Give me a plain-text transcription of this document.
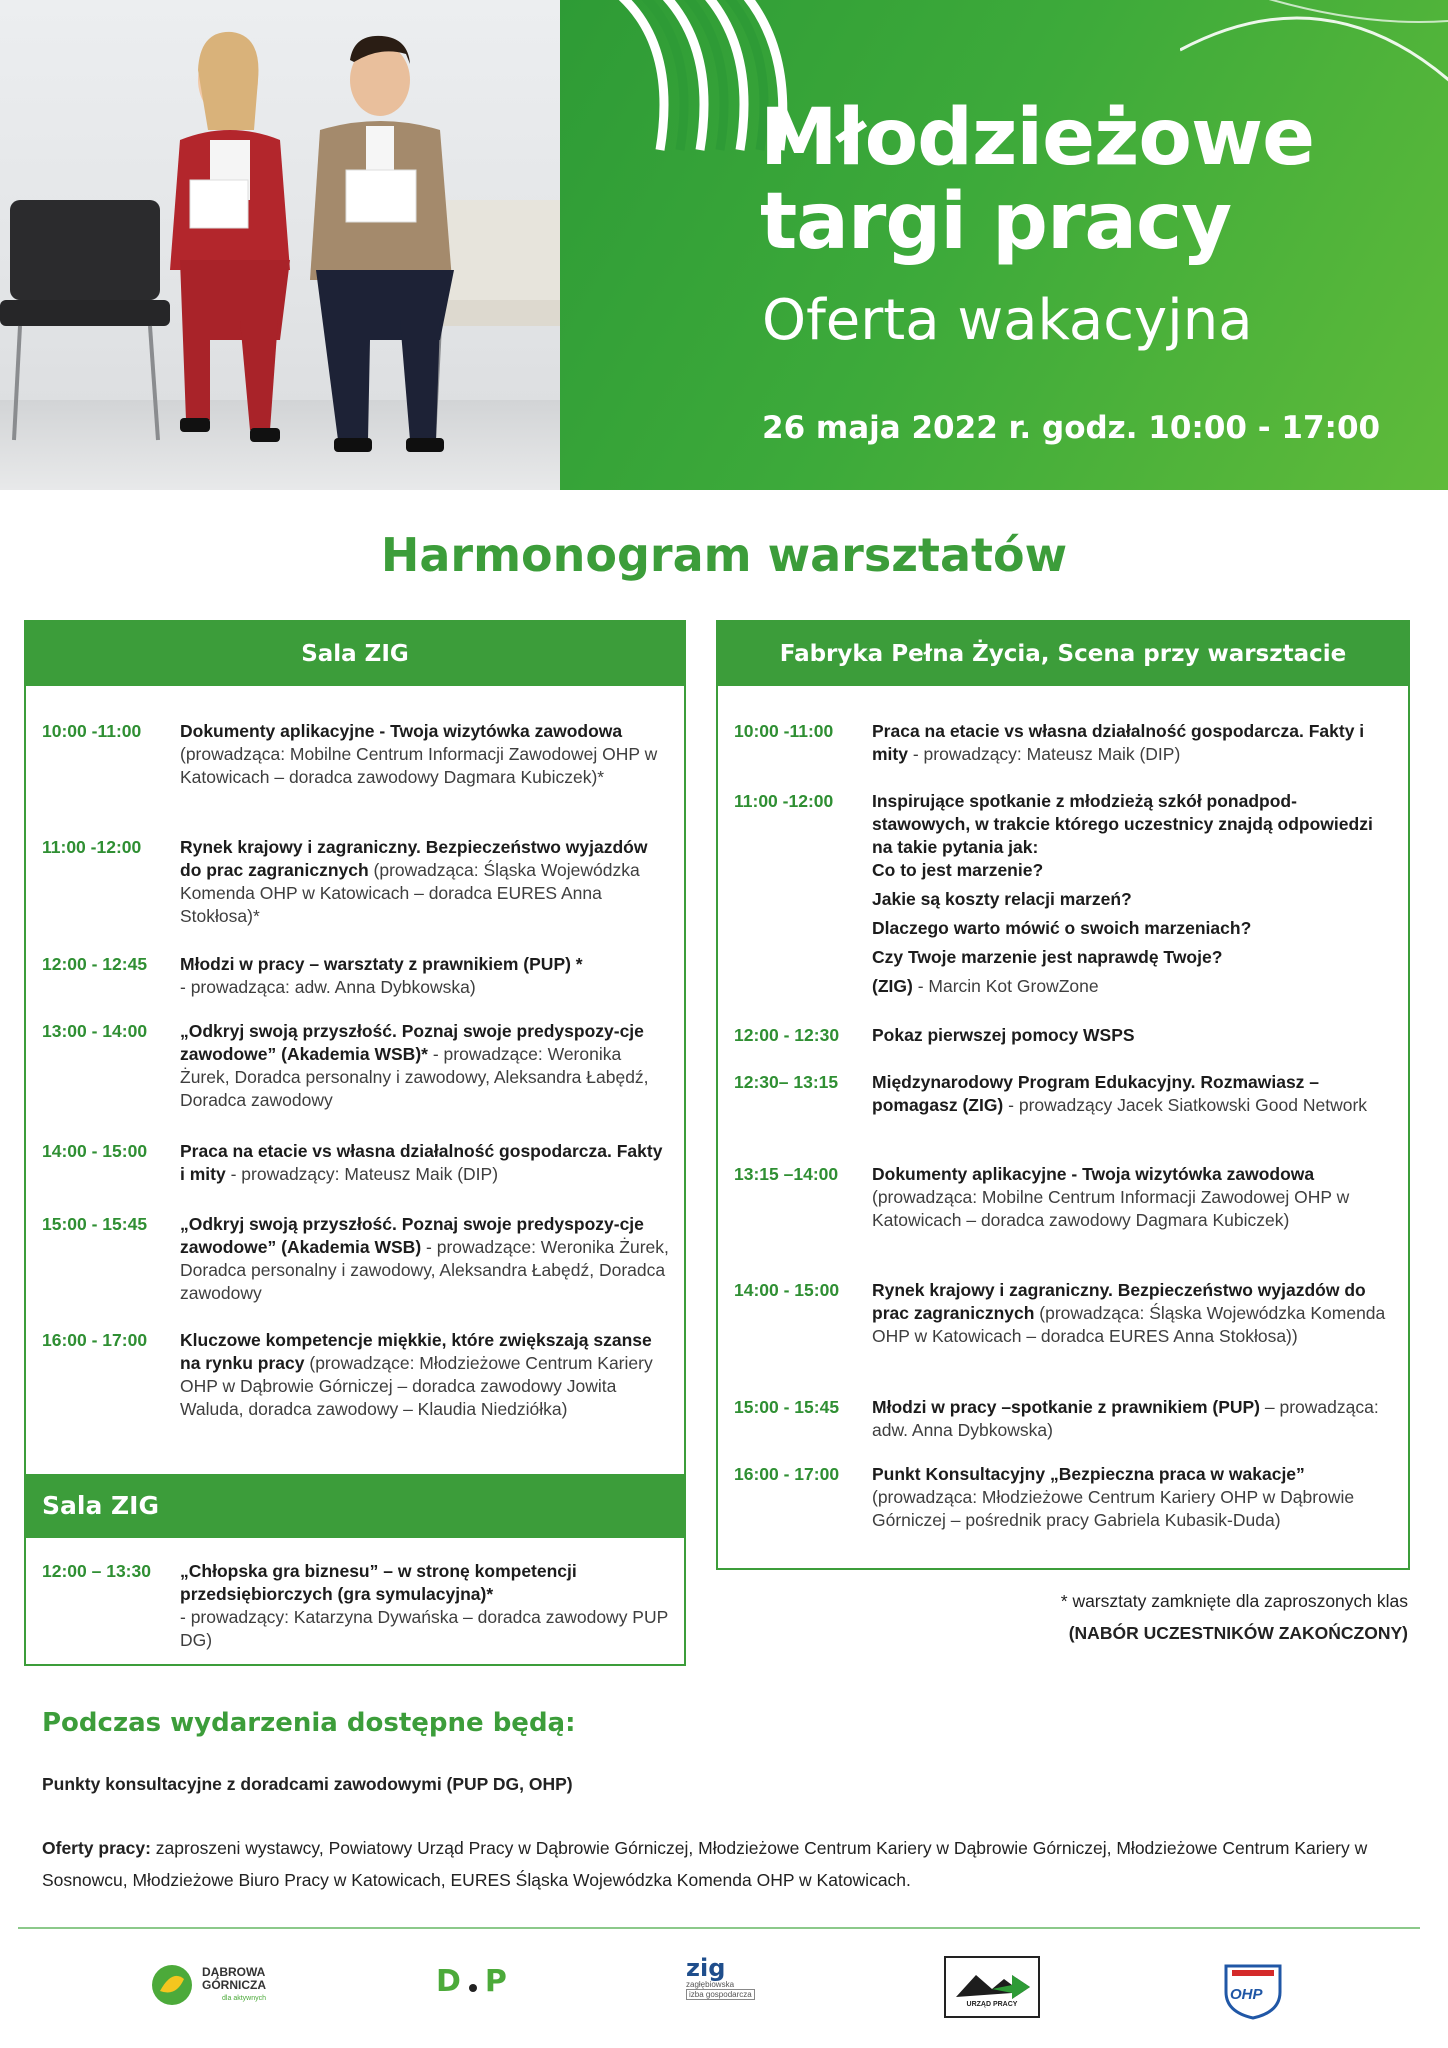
Młodzieżowe
targi pracy
Oferta wakacyjna
26 maja 2022 r. godz. 10:00 - 17:00
Harmonogram warsztatów
Sala ZIG
10:00 -11:00	Dokumenty aplikacyjne - Twoja wizytówka zawodowa (prowadząca: Mobilne Centrum Informacji Zawodowej OHP w Katowicach – doradca zawodowy Dagmara Kubiczek)*
11:00 -12:00	Rynek krajowy i zagraniczny. Bezpieczeństwo wyjazdów do prac zagranicznych (prowadząca: Śląska Wojewódzka Komenda OHP w Katowicach – doradca EURES Anna Stokłosa)*
12:00 - 12:45	Młodzi w pracy – warsztaty z prawnikiem (PUP) *
- prowadząca: adw. Anna Dybkowska)
13:00 - 14:00	„Odkryj swoją przyszłość. Poznaj swoje predyspozy-cje zawodowe” (Akademia WSB)* - prowadzące: Weronika Żurek, Doradca personalny i zawodowy, Aleksandra Łabędź, Doradca zawodowy
14:00 - 15:00	Praca na etacie vs własna działalność gospodarcza. Fakty i mity - prowadzący: Mateusz Maik (DIP)
15:00 - 15:45	„Odkryj swoją przyszłość. Poznaj swoje predyspozy-cje zawodowe” (Akademia WSB) - prowadzące: Weronika Żurek, Doradca personalny i zawodowy, Aleksandra Łabędź, Doradca zawodowy
16:00 - 17:00	Kluczowe kompetencje miękkie, które zwiększają szanse na rynku pracy (prowadzące: Młodzieżowe Centrum Kariery OHP w Dąbrowie Górniczej – doradca zawodowy Jowita Waluda, doradca zawodowy – Klaudia Niedziółka)
Sala ZIG
12:00 – 13:30	„Chłopska gra biznesu” – w stronę kompetencji przedsiębiorczych (gra symulacyjna)*
- prowadzący: Katarzyna Dywańska – doradca zawodowy PUP DG)
Fabryka Pełna Życia, Scena przy warsztacie
10:00 -11:00	Praca na etacie vs własna działalność gospodarcza. Fakty i mity - prowadzący: Mateusz Maik (DIP)
11:00 -12:00	Inspirujące spotkanie z młodzieżą szkół ponadpod-stawowych, w trakcie którego uczestnicy znajdą odpowiedzi na takie pytania jak:
Co to jest marzenie?
Jakie są koszty relacji marzeń?
Dlaczego warto mówić o swoich marzeniach?
Czy Twoje marzenie jest naprawdę Twoje?
(ZIG) - Marcin Kot GrowZone
12:00 - 12:30	Pokaz pierwszej pomocy WSPS
12:30– 13:15	Międzynarodowy Program Edukacyjny. Rozmawiasz – pomagasz (ZIG) - prowadzący Jacek Siatkowski Good Network
13:15 –14:00	Dokumenty aplikacyjne - Twoja wizytówka zawodowa (prowadząca: Mobilne Centrum Informacji Zawodowej OHP w Katowicach – doradca zawodowy Dagmara Kubiczek)
14:00 - 15:00	Rynek krajowy i zagraniczny. Bezpieczeństwo wyjazdów do prac zagranicznych (prowadząca: Śląska Wojewódzka Komenda OHP w Katowicach – doradca EURES Anna Stokłosa))
15:00 - 15:45	Młodzi w pracy –spotkanie z prawnikiem (PUP) – prowadząca: adw. Anna Dybkowska)
16:00 - 17:00	Punkt Konsultacyjny „Bezpieczna praca w wakacje”
(prowadząca: Młodzieżowe Centrum Kariery OHP w Dąbrowie Górniczej – pośrednik pracy Gabriela Kubasik-Duda)
* warsztaty zamknięte dla zaproszonych klas
(NABÓR UCZESTNIKÓW ZAKOŃCZONY)
Podczas wydarzenia dostępne będą:
Punkty konsultacyjne z doradcami zawodowymi (PUP DG, OHP)
Oferty pracy: zaproszeni wystawcy, Powiatowy Urząd Pracy w Dąbrowie Górniczej, Młodzieżowe Centrum Kariery w Dąbrowie Górniczej, Młodzieżowe Centrum Kariery w Sosnowcu, Młodzieżowe Biuro Pracy w Katowicach, EURES Śląska Wojewódzka Komenda OHP w Katowicach.
DĄBROWA
GÓRNICZA
dla aktywnych	D P	zig
zagłębiowska
izba gospodarcza
URZĄD PRACY
OHP
